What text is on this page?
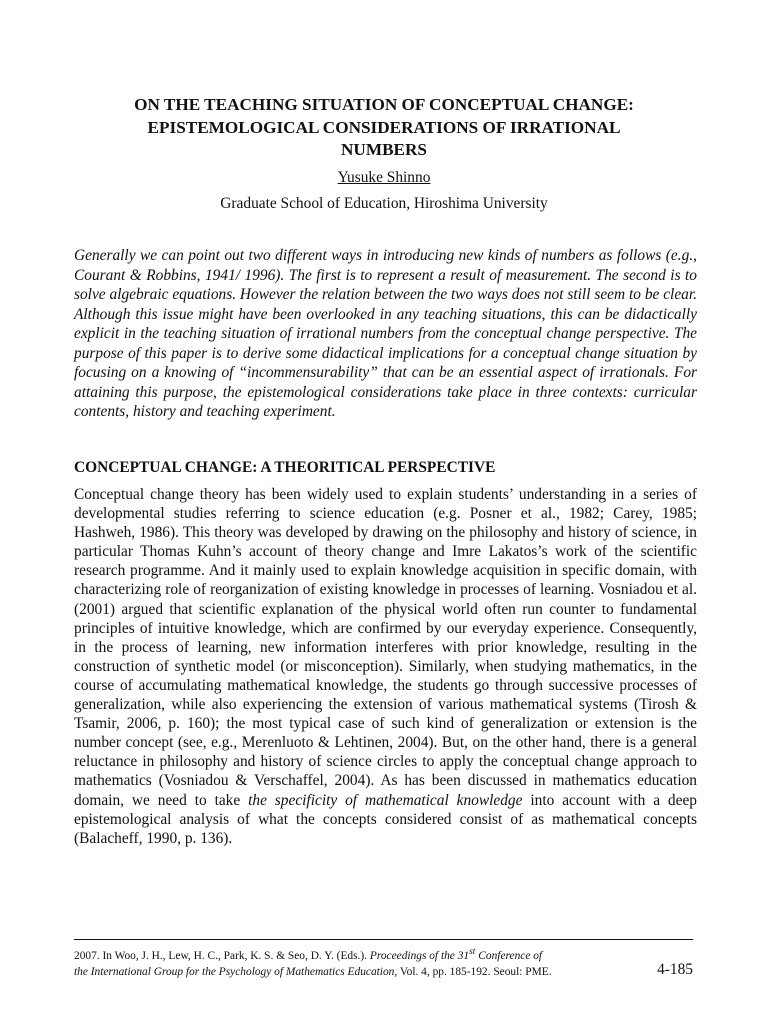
ON THE TEACHING SITUATION OF CONCEPTUAL CHANGE:
EPISTEMOLOGICAL CONSIDERATIONS OF IRRATIONAL
NUMBERS
Yusuke Shinno
Graduate School of Education, Hiroshima University

Generally we can point out two different ways in introducing new kinds of numbers as follows (e.g., Courant & Robbins, 1941/ 1996). The first is to represent a result of measurement. The second is to solve algebraic equations. However the relation between the two ways does not still seem to be clear. Although this issue might have been overlooked in any teaching situations, this can be didactically explicit in the teaching situation of irrational numbers from the conceptual change perspective. The purpose of this paper is to derive some didactical implications for a conceptual change situation by focusing on a knowing of “incommensurability” that can be an essential aspect of irrationals. For attaining this purpose, the epistemological considerations take place in three contexts: curricular contents, history and teaching experiment.

CONCEPTUAL CHANGE: A THEORITICAL PERSPECTIVE

Conceptual change theory has been widely used to explain students’ understanding in a series of developmental studies referring to science education (e.g. Posner et al., 1982; Carey, 1985; Hashweh, 1986). This theory was developed by drawing on the philosophy and history of science, in particular Thomas Kuhn’s account of theory change and Imre Lakatos’s work of the scientific research programme. And it mainly used to explain knowledge acquisition in specific domain, with characterizing role of reorganization of existing knowledge in processes of learning. Vosniadou et al. (2001) argued that scientific explanation of the physical world often run counter to fundamental principles of intuitive knowledge, which are confirmed by our everyday experience. Consequently, in the process of learning, new information interferes with prior knowledge, resulting in the construction of synthetic model (or misconception). Similarly, when studying mathematics, in the course of accumulating mathematical knowledge, the students go through successive processes of generalization, while also experiencing the extension of various mathematical systems (Tirosh & Tsamir, 2006, p. 160); the most typical case of such kind of generalization or extension is the number concept (see, e.g., Merenluoto & Lehtinen, 2004). But, on the other hand, there is a general reluctance in philosophy and history of science circles to apply the conceptual change approach to mathematics (Vosniadou & Verschaffel, 2004). As has been discussed in mathematics education domain, we need to take the specificity of mathematical knowledge into account with a deep epistemological analysis of what the concepts considered consist of as mathematical concepts (Balacheff, 1990, p. 136).

2007. In Woo, J. H., Lew, H. C., Park, K. S. & Seo, D. Y. (Eds.). Proceedings of the 31st Conference of
the International Group for the Psychology of Mathematics Education, Vol. 4, pp. 185-192. Seoul: PME.	4-185
